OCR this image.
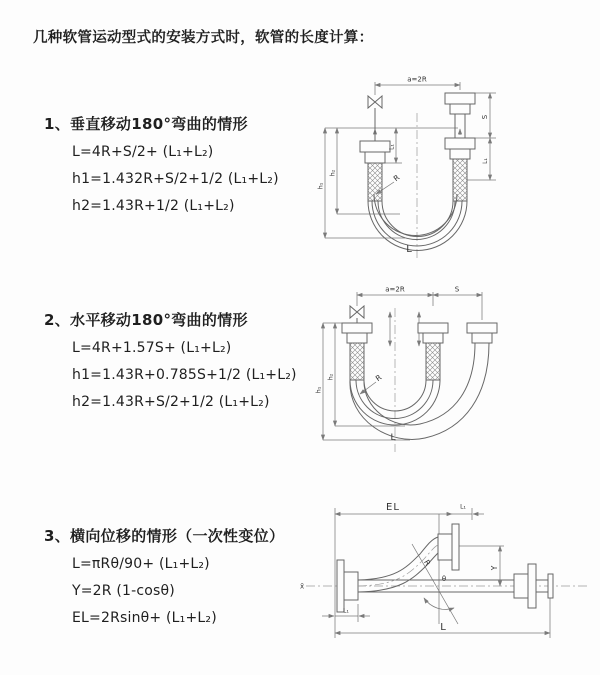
几种软管运动型式的安装方式时，软管的长度计算：
1、垂直移动180°弯曲的情形
L=4R+S/2+ (L₁+L₂)
h1=1.432R+S/2+1/2 (L₁+L₂)
h2=1.43R+1/2 (L₁+L₂)
2、水平移动180°弯曲的情形
L=4R+1.57S+ (L₁+L₂)
h1=1.43R+0.785S+1/2 (L₁+L₂)
h2=1.43R+S/2+1/2 (L₁+L₂)
3、横向位移的情形（一次性变位）
L=πRθ/90+ (L₁+L₂)
Y=2R (1-cosθ)
EL=2Rsinθ+ (L₁+L₂)
a=2R
L₁
S
L₁
h₂
h₁
R
L
a=2R	S
h₂
h₁
R
L
x̄
EL	L₁
L₁
Y
R
θ
L
